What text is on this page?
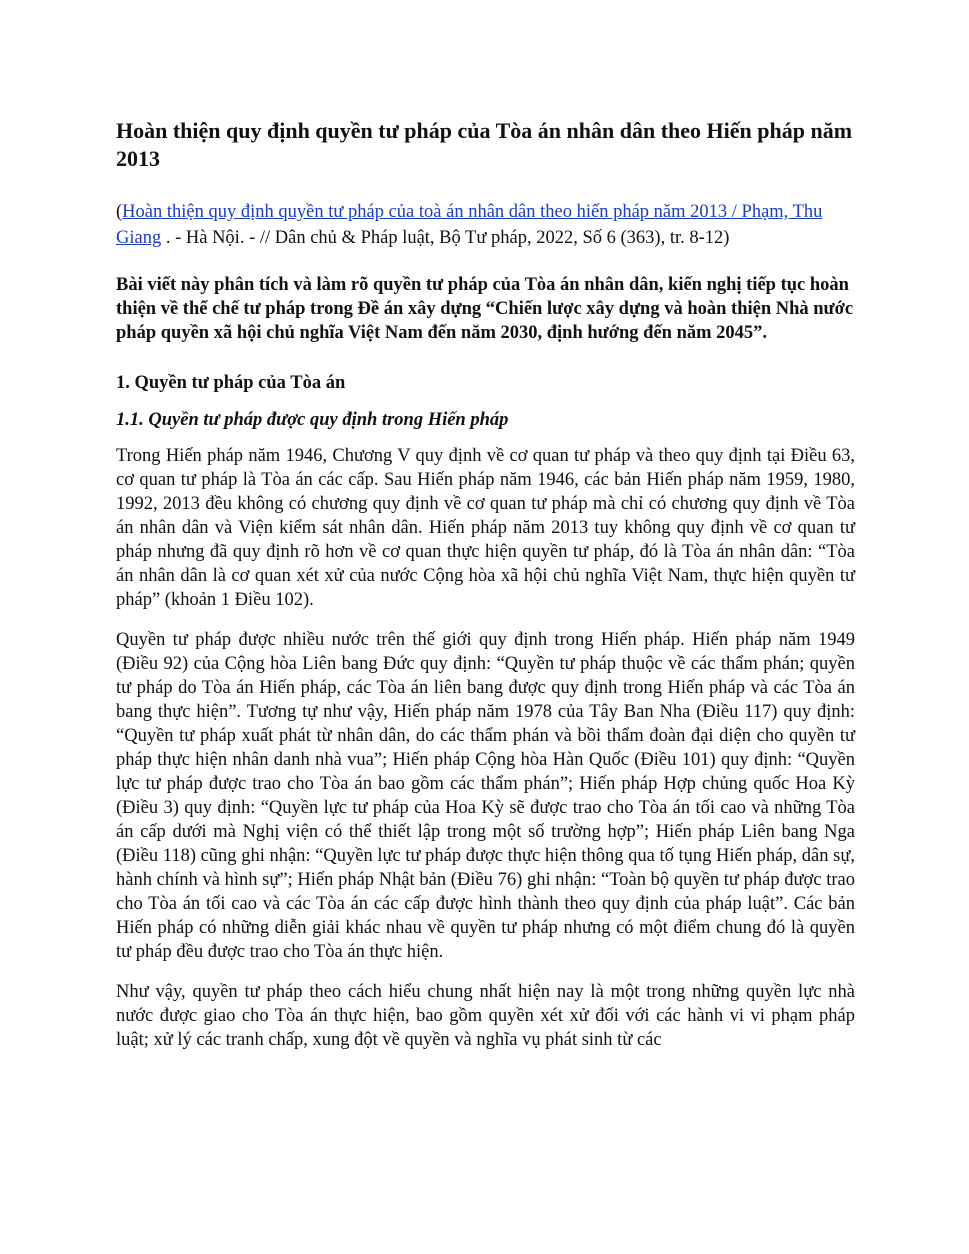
Hoàn thiện quy định quyền tư pháp của Tòa án nhân dân theo Hiến pháp năm 2013

(Hoàn thiện quy định quyền tư pháp của toà án nhân dân theo hiến pháp năm 2013 / Phạm, Thu Giang . - Hà Nội. - // Dân chủ & Pháp luật, Bộ Tư pháp, 2022, Số 6 (363), tr. 8-12)

Bài viết này phân tích và làm rõ quyền tư pháp của Tòa án nhân dân, kiến nghị tiếp tục hoàn thiện về thể chế tư pháp trong Đề án xây dựng “Chiến lược xây dựng và hoàn thiện Nhà nước pháp quyền xã hội chủ nghĩa Việt Nam đến năm 2030, định hướng đến năm 2045”.

1. Quyền tư pháp của Tòa án
1.1. Quyền tư pháp được quy định trong Hiến pháp

Trong Hiến pháp năm 1946, Chương V quy định về cơ quan tư pháp và theo quy định tại Điều 63, cơ quan tư pháp là Tòa án các cấp. Sau Hiến pháp năm 1946, các bản Hiến pháp năm 1959, 1980, 1992, 2013 đều không có chương quy định về cơ quan tư pháp mà chỉ có chương quy định về Tòa án nhân dân và Viện kiểm sát nhân dân. Hiến pháp năm 2013 tuy không quy định về cơ quan tư pháp nhưng đã quy định rõ hơn về cơ quan thực hiện quyền tư pháp, đó là Tòa án nhân dân: “Tòa án nhân dân là cơ quan xét xử của nước Cộng hòa xã hội chủ nghĩa Việt Nam, thực hiện quyền tư pháp” (khoản 1 Điều 102).

Quyền tư pháp được nhiều nước trên thế giới quy định trong Hiến pháp. Hiến pháp năm 1949 (Điều 92) của Cộng hòa Liên bang Đức quy định: “Quyền tư pháp thuộc về các thẩm phán; quyền tư pháp do Tòa án Hiến pháp, các Tòa án liên bang được quy định trong Hiến pháp và các Tòa án bang thực hiện”. Tương tự như vậy, Hiến pháp năm 1978 của Tây Ban Nha (Điều 117) quy định: “Quyền tư pháp xuất phát từ nhân dân, do các thẩm phán và bồi thẩm đoàn đại diện cho quyền tư pháp thực hiện nhân danh nhà vua”; Hiến pháp Cộng hòa Hàn Quốc (Điều 101) quy định: “Quyền lực tư pháp được trao cho Tòa án bao gồm các thẩm phán”; Hiến pháp Hợp chủng quốc Hoa Kỳ (Điều 3) quy định: “Quyền lực tư pháp của Hoa Kỳ sẽ được trao cho Tòa án tối cao và những Tòa án cấp dưới mà Nghị viện có thể thiết lập trong một số trường hợp”; Hiến pháp Liên bang Nga (Điều 118) cũng ghi nhận: “Quyền lực tư pháp được thực hiện thông qua tố tụng Hiến pháp, dân sự, hành chính và hình sự”; Hiến pháp Nhật bản (Điều 76) ghi nhận: “Toàn bộ quyền tư pháp được trao cho Tòa án tối cao và các Tòa án các cấp được hình thành theo quy định của pháp luật”. Các bản Hiến pháp có những diễn giải khác nhau về quyền tư pháp nhưng có một điểm chung đó là quyền tư pháp đều được trao cho Tòa án thực hiện.

Như vậy, quyền tư pháp theo cách hiểu chung nhất hiện nay là một trong những quyền lực nhà nước được giao cho Tòa án thực hiện, bao gồm quyền xét xử đối với các hành vi vi phạm pháp luật; xử lý các tranh chấp, xung đột về quyền và nghĩa vụ phát sinh từ các
